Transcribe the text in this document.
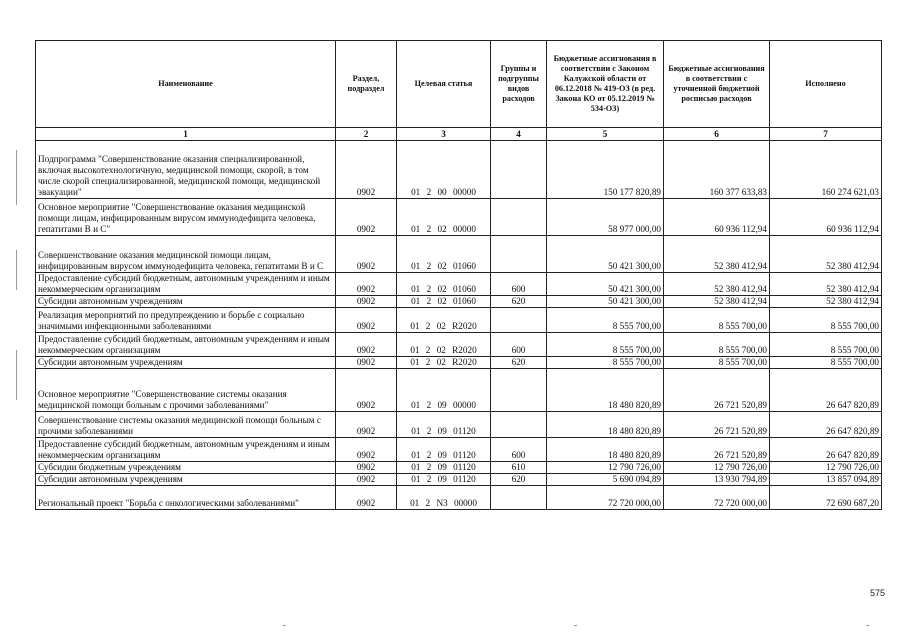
Наименование	Раздел, подраздел	Целевая статья	Группы и подгруппы видов расходов	Бюджетные ассигнования в соответствии с Законом Калужской области от 06.12.2018 № 419-ОЗ (в ред. Закона КО от 05.12.2019 № 534-ОЗ)	Бюджетные ассигнования в соответствии с уточненной бюджетной росписью расходов	Исполнено
1	2	3	4	5	6	7
Подпрограмма "Совершенствование оказания специализированной, включая высокотехнологичную, медицинской помощи, скорой, в том числе скорой специализированной, медицинской помощи, медицинской эвакуации"	0902	01 2 00 00000		150 177 820,89	160 377 633,83	160 274 621,03
Основное мероприятие "Совершенствование оказания медицинской помощи лицам, инфицированным вирусом иммунодефицита человека, гепатитами В и С"	0902	01 2 02 00000		58 977 000,00	60 936 112,94	60 936 112,94
Совершенствование оказания медицинской помощи лицам, инфицированным вирусом иммунодефицита человека, гепатитами В и С	0902	01 2 02 01060		50 421 300,00	52 380 412,94	52 380 412,94
Предоставление субсидий бюджетным, автономным учреждениям и иным некоммерческим организациям	0902	01 2 02 01060	600	50 421 300,00	52 380 412,94	52 380 412,94
Субсидии автономным учреждениям	0902	01 2 02 01060	620	50 421 300,00	52 380 412,94	52 380 412,94
Реализация мероприятий по предупреждению и борьбе с социально значимыми инфекционными заболеваниями	0902	01 2 02 R2020		8 555 700,00	8 555 700,00	8 555 700,00
Предоставление субсидий бюджетным, автономным учреждениям и иным некоммерческим организациям	0902	01 2 02 R2020	600	8 555 700,00	8 555 700,00	8 555 700,00
Субсидии автономным учреждениям	0902	01 2 02 R2020	620	8 555 700,00	8 555 700,00	8 555 700,00
Основное мероприятие "Совершенствование системы оказания медицинской помощи больным с прочими заболеваниями"	0902	01 2 09 00000		18 480 820,89	26 721 520,89	26 647 820,89
Совершенствование системы оказания медицинской помощи больным с прочими заболеваниями	0902	01 2 09 01120		18 480 820,89	26 721 520,89	26 647 820,89
Предоставление субсидий бюджетным, автономным учреждениям и иным некоммерческим организациям	0902	01 2 09 01120	600	18 480 820,89	26 721 520,89	26 647 820,89
Субсидии бюджетным учреждениям	0902	01 2 09 01120	610	12 790 726,00	12 790 726,00	12 790 726,00
Субсидии автономным учреждениям	0902	01 2 09 01120	620	5 690 094,89	13 930 794,89	13 857 094,89
Региональный проект "Борьба с онкологическими заболеваниями"	0902	01 2 N3 00000		72 720 000,00	72 720 000,00	72 690 687,20
575
